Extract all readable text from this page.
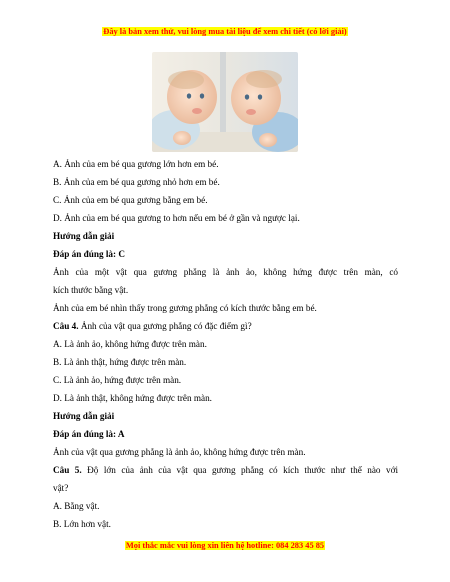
Đây là bản xem thử, vui lòng mua tài liệu để xem chi tiết (có lời giải)
A. Ảnh của em bé qua gương lớn hơn em bé.
B. Ảnh của em bé qua gương nhỏ hơn em bé.
C. Ảnh của em bé qua gương bằng em bé.
D. Ảnh của em bé qua gương to hơn nếu em bé ở gần và ngược lại.
Hướng dẫn giải
Đáp án đúng là: C
Ảnh của một vật qua gương phẳng là ảnh ảo, không hứng được trên màn, có
kích thước bằng vật.
Ảnh của em bé nhìn thấy trong gương phẳng có kích thước bằng em bé.
Câu 4. Ảnh của vật qua gương phẳng có đặc điểm gì?
A. Là ảnh ảo, không hứng được trên màn.
B. Là ảnh thật, hứng được trên màn.
C. Là ảnh ảo, hứng được trên màn.
D. Là ảnh thật, không hứng được trên màn.
Hướng dẫn giải
Đáp án đúng là: A
Ảnh của vật qua gương phẳng là ảnh ảo, không hứng được trên màn.
Câu 5. Độ lớn của ảnh của vật qua gương phẳng có kích thước như thế nào với
vật?
A. Bằng vật.
B. Lớn hơn vật.
Mọi thắc mắc vui lòng xin liên hệ hotline: 084 283 45 85
